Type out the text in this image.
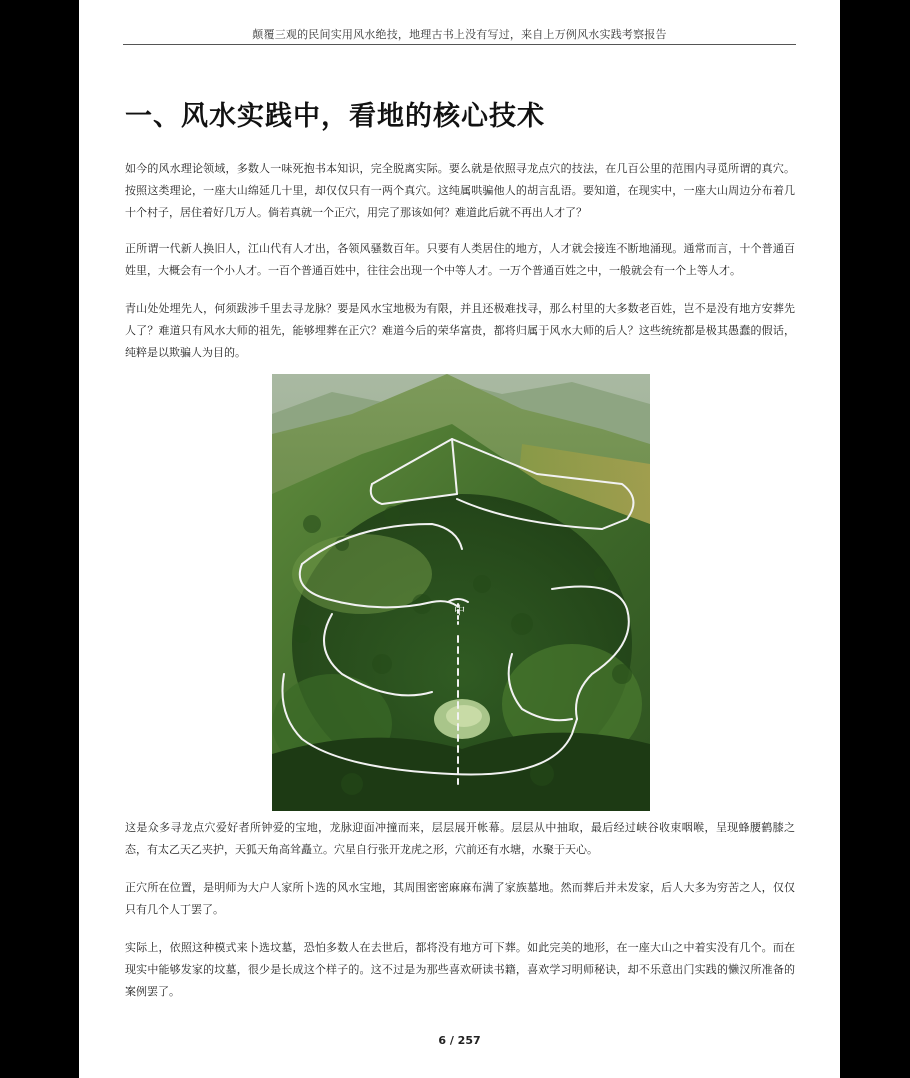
颠覆三观的民间实用风水绝技，地理古书上没有写过，来自上万例风水实践考察报告
一、风水实践中，看地的核心技术

如今的风水理论领域，多数人一味死抱书本知识，完全脱离实际。要么就是依照寻龙点穴的技法，在几百公里的范围内寻觅所谓的真穴。按照这类理论，一座大山绵延几十里，却仅仅只有一两个真穴。这纯属哄骗他人的胡言乱语。要知道，在现实中，一座大山周边分布着几十个村子，居住着好几万人。倘若真就一个正穴，用完了那该如何？难道此后就不再出人才了？

正所谓一代新人换旧人，江山代有人才出，各领风骚数百年。只要有人类居住的地方，人才就会接连不断地涌现。通常而言，十个普通百姓里，大概会有一个小人才。一百个普通百姓中，往往会出现一个中等人才。一万个普通百姓之中，一般就会有一个上等人才。

青山处处埋先人，何须跋涉千里去寻龙脉？要是风水宝地极为有限，并且还极难找寻，那么村里的大多数老百姓，岂不是没有地方安葬先人了？难道只有风水大师的祖先，能够埋葬在正穴？难道今后的荣华富贵，都将归属于风水大师的后人？这些统统都是极其愚蠢的假话，纯粹是以欺骗人为目的。

中

这是众多寻龙点穴爱好者所钟爱的宝地，龙脉迎面冲撞而来，层层展开帐幕。层层从中抽取，最后经过峡谷收束咽喉，呈现蜂腰鹤膝之态，有太乙天乙夹护，天狐天角高耸矗立。穴星自行张开龙虎之形，穴前还有水塘，水聚于天心。

正穴所在位置，是明师为大户人家所卜选的风水宝地，其周围密密麻麻布满了家族墓地。然而葬后并未发家，后人大多为穷苦之人，仅仅只有几个人丁罢了。

实际上，依照这种模式来卜选坟墓，恐怕多数人在去世后，都将没有地方可下葬。如此完美的地形，在一座大山之中着实没有几个。而在现实中能够发家的坟墓，很少是长成这个样子的。这不过是为那些喜欢研读书籍，喜欢学习明师秘诀，却不乐意出门实践的懒汉所准备的案例罢了。

6 / 257
